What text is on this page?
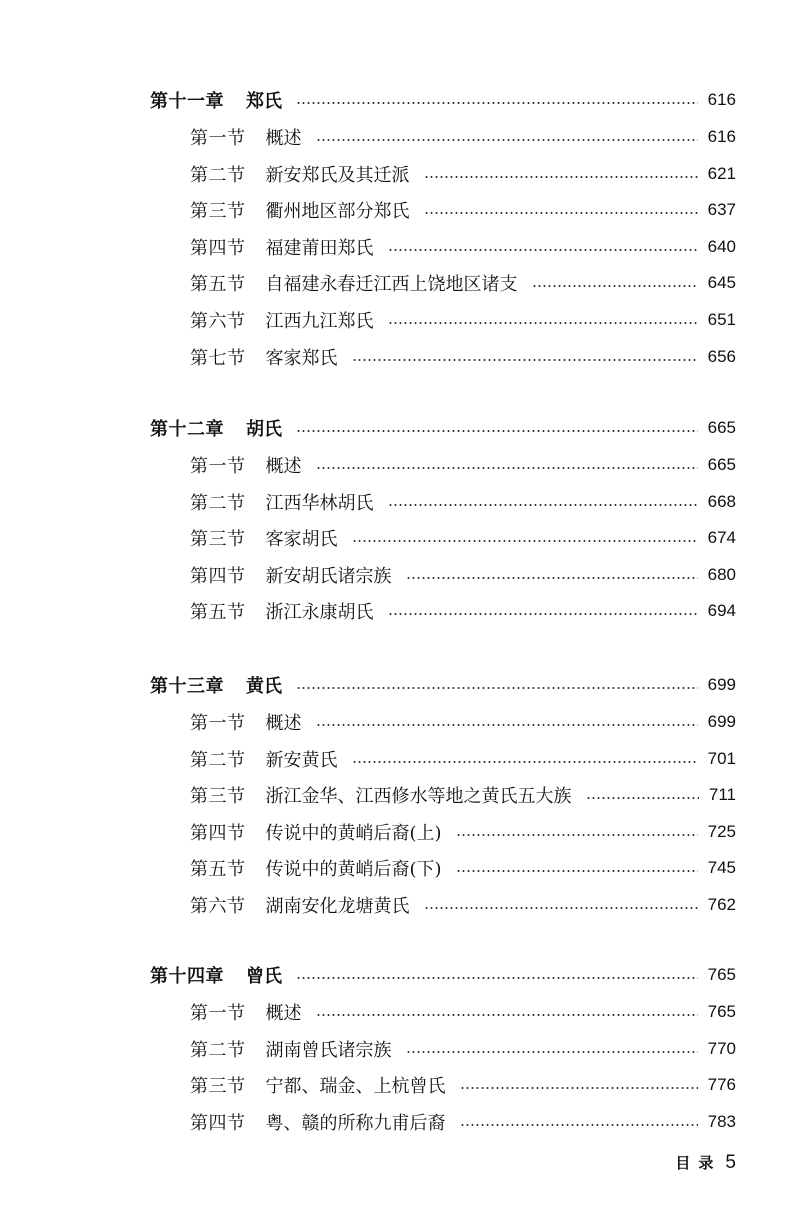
第十一章 郑氏	616
第一节 概述	616
第二节 新安郑氏及其迁派	621
第三节 衢州地区部分郑氏	637
第四节 福建莆田郑氏	640
第五节 自福建永春迁江西上饶地区诸支	645
第六节 江西九江郑氏	651
第七节 客家郑氏	656
第十二章 胡氏	665
第一节 概述	665
第二节 江西华林胡氏	668
第三节 客家胡氏	674
第四节 新安胡氏诸宗族	680
第五节 浙江永康胡氏	694
第十三章 黄氏	699
第一节 概述	699
第二节 新安黄氏	701
第三节 浙江金华、江西修水等地之黄氏五大族	711
第四节 传说中的黄峭后裔(上)	725
第五节 传说中的黄峭后裔(下)	745
第六节 湖南安化龙塘黄氏	762
第十四章 曾氏	765
第一节 概述	765
第二节 湖南曾氏诸宗族	770
第三节 宁都、瑞金、上杭曾氏	776
第四节 粤、赣的所称九甫后裔	783
目录 5
